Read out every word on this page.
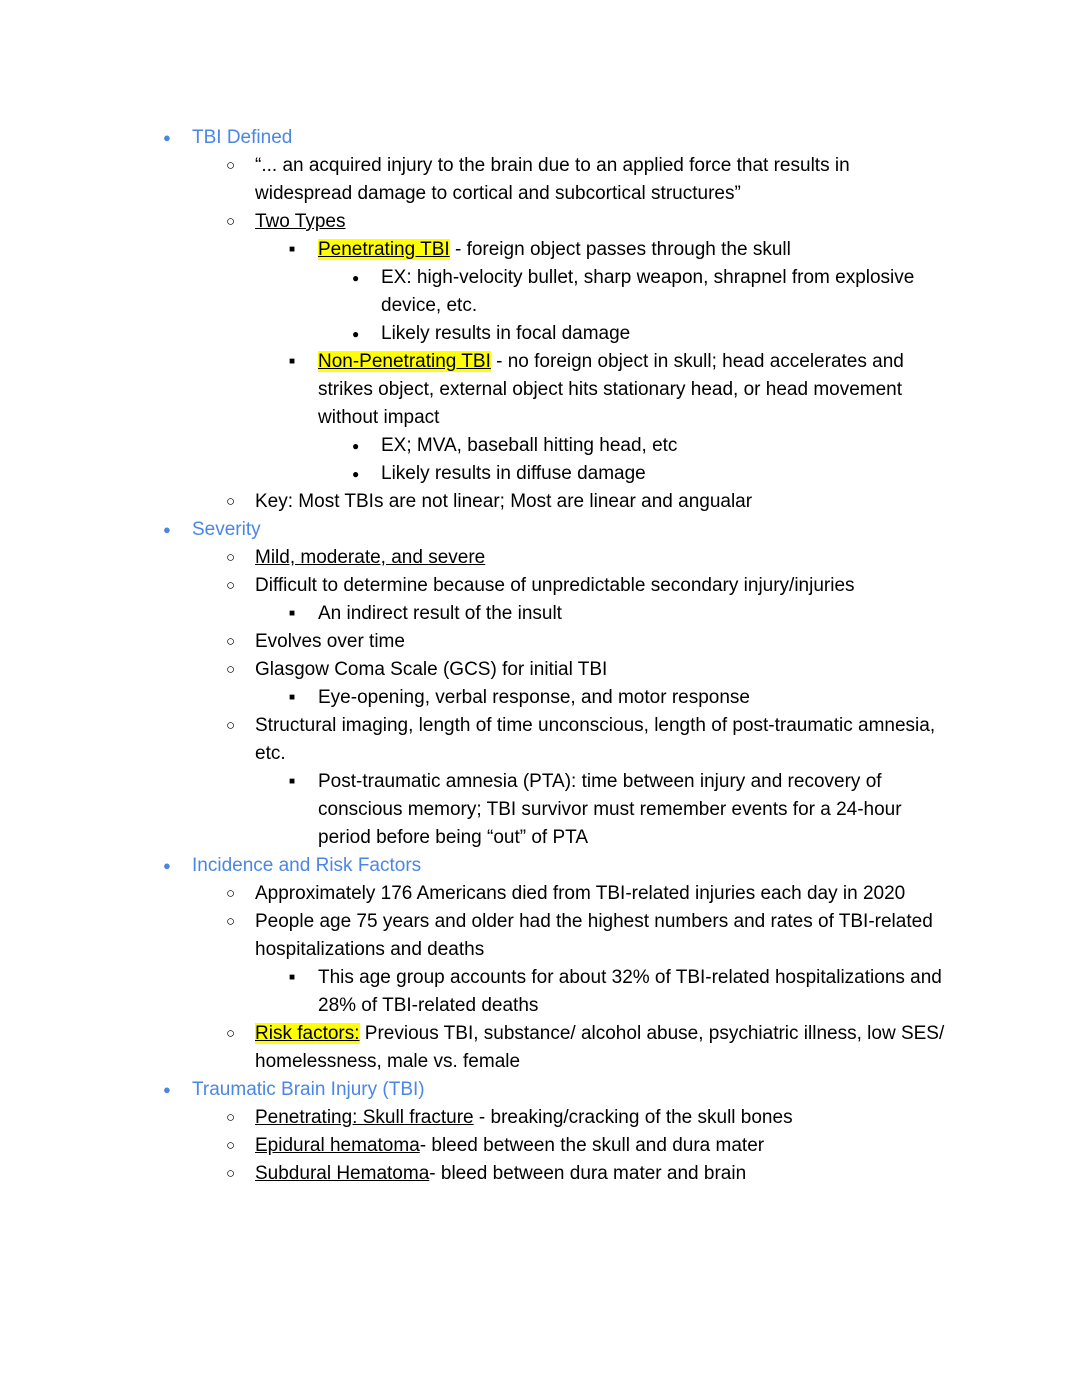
● TBI Defined
○ “... an acquired injury to the brain due to an applied force that results in widespread damage to cortical and subcortical structures”
○ Two Types
■ Penetrating TBI - foreign object passes through the skull
● EX: high-velocity bullet, sharp weapon, shrapnel from explosive device, etc.
● Likely results in focal damage
■ Non-Penetrating TBI - no foreign object in skull; head accelerates and strikes object, external object hits stationary head, or head movement without impact
● EX; MVA, baseball hitting head, etc
● Likely results in diffuse damage
○ Key: Most TBIs are not linear; Most are linear and angualar
● Severity
○ Mild, moderate, and severe
○ Difficult to determine because of unpredictable secondary injury/injuries
■ An indirect result of the insult
○ Evolves over time
○ Glasgow Coma Scale (GCS) for initial TBI
■ Eye-opening, verbal response, and motor response
○ Structural imaging, length of time unconscious, length of post-traumatic amnesia, etc.
■ Post-traumatic amnesia (PTA): time between injury and recovery of conscious memory; TBI survivor must remember events for a 24-hour period before being “out” of PTA
● Incidence and Risk Factors
○ Approximately 176 Americans died from TBI-related injuries each day in 2020
○ People age 75 years and older had the highest numbers and rates of TBI-related hospitalizations and deaths
■ This age group accounts for about 32% of TBI-related hospitalizations and 28% of TBI-related deaths
○ Risk factors: Previous TBI, substance/ alcohol abuse, psychiatric illness, low SES/ homelessness, male vs. female
● Traumatic Brain Injury (TBI)
○ Penetrating: Skull fracture - breaking/cracking of the skull bones
○ Epidural hematoma- bleed between the skull and dura mater
○ Subdural Hematoma- bleed between dura mater and brain
